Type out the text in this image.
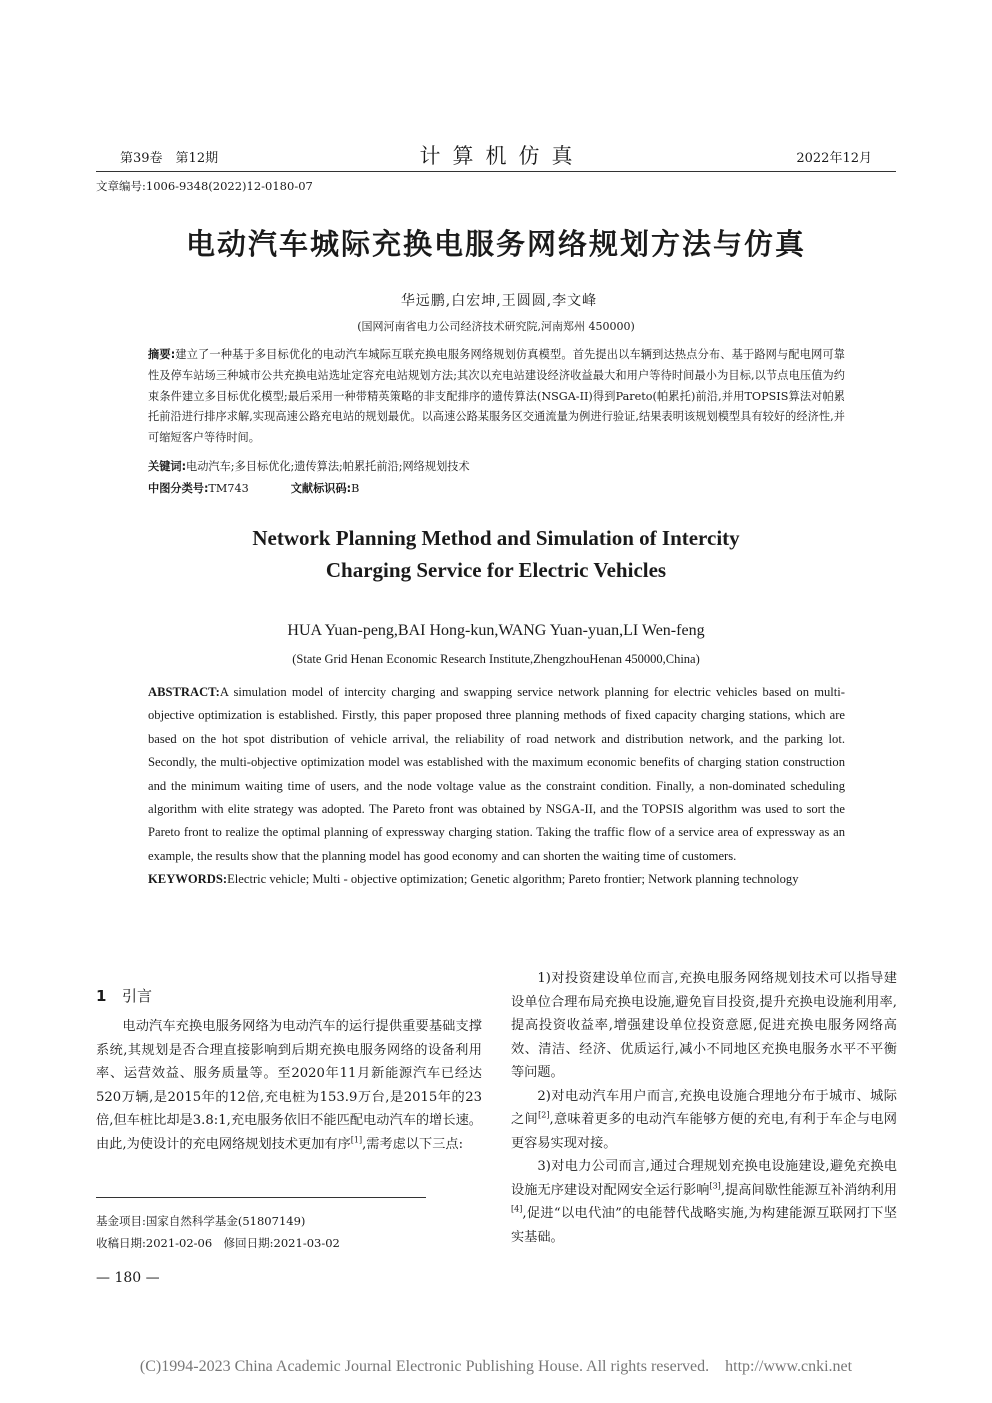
第39卷　第12期	计算机仿真	2022年12月
文章编号:1006-9348(2022)12-0180-07
电动汽车城际充换电服务网络规划方法与仿真
华远鹏,白宏坤,王圆圆,李文峰
(国网河南省电力公司经济技术研究院,河南郑州 450000)
摘要:建立了一种基于多目标优化的电动汽车城际互联充换电服务网络规划仿真模型。首先提出以车辆到达热点分布、基于路网与配电网可靠性及停车站场三种城市公共充换电站选址定容充电站规划方法;其次以充电站建设经济收益最大和用户等待时间最小为目标,以节点电压值为约束条件建立多目标优化模型;最后采用一种带精英策略的非支配排序的遗传算法(NSGA-II)得到Pareto(帕累托)前沿,并用TOPSIS算法对帕累托前沿进行排序求解,实现高速公路充电站的规划最优。以高速公路某服务区交通流量为例进行验证,结果表明该规划模型具有较好的经济性,并可缩短客户等待时间。
关键词:电动汽车;多目标优化;遗传算法;帕累托前沿;网络规划技术
中图分类号:TM743	文献标识码:B
Network Planning Method and Simulation of Intercity
Charging Service for Electric Vehicles
HUA Yuan-peng,BAI Hong-kun,WANG Yuan-yuan,LI Wen-feng
(State Grid Henan Economic Research Institute,ZhengzhouHenan 450000,China)
ABSTRACT:A simulation model of intercity charging and swapping service network planning for electric vehicles based on multi-objective optimization is established. Firstly, this paper proposed three planning methods of fixed capacity charging stations, which are based on the hot spot distribution of vehicle arrival, the reliability of road network and distribution network, and the parking lot. Secondly, the multi-objective optimization model was established with the maximum economic benefits of charging station construction and the minimum waiting time of users, and the node voltage value as the constraint condition. Finally, a non-dominated scheduling algorithm with elite strategy was adopted. The Pareto front was obtained by NSGA-II, and the TOPSIS algorithm was used to sort the Pareto front to realize the optimal planning of expressway charging station. Taking the traffic flow of a service area of expressway as an example, the results show that the planning model has good economy and can shorten the waiting time of customers.
KEYWORDS:Electric vehicle; Multi - objective optimization; Genetic algorithm; Pareto frontier; Network planning technology
1 引言

电动汽车充换电服务网络为电动汽车的运行提供重要基础支撑系统,其规划是否合理直接影响到后期充换电服务网络的设备利用率、运营效益、服务质量等。至2020年11月新能源汽车已经达520万辆,是2015年的12倍,充电桩为153.9万台,是2015年的23倍,但车桩比却是3.8:1,充电服务依旧不能匹配电动汽车的增长速。由此,为使设计的充电网络规划技术更加有序[1],需考虑以下三点:

1)对投资建设单位而言,充换电服务网络规划技术可以指导建设单位合理布局充换电设施,避免盲目投资,提升充换电设施利用率,提高投资收益率,增强建设单位投资意愿,促进充换电服务网络高效、清洁、经济、优质运行,减小不同地区充换电服务水平不平衡等问题。

2)对电动汽车用户而言,充换电设施合理地分布于城市、城际之间[2],意味着更多的电动汽车能够方便的充电,有利于车企与电网更容易实现对接。

3)对电力公司而言,通过合理规划充换电设施建设,避免充换电设施无序建设对配网安全运行影响[3],提高间歇性能源互补消纳利用[4],促进“以电代油”的电能替代战略实施,为构建能源互联网打下坚实基础。

基金项目:国家自然科学基金(51807149)
收稿日期:2021-02-06　修回日期:2021-03-02
— 180 —
(C)1994-2023 China Academic Journal Electronic Publishing House. All rights reserved.　http://www.cnki.net
